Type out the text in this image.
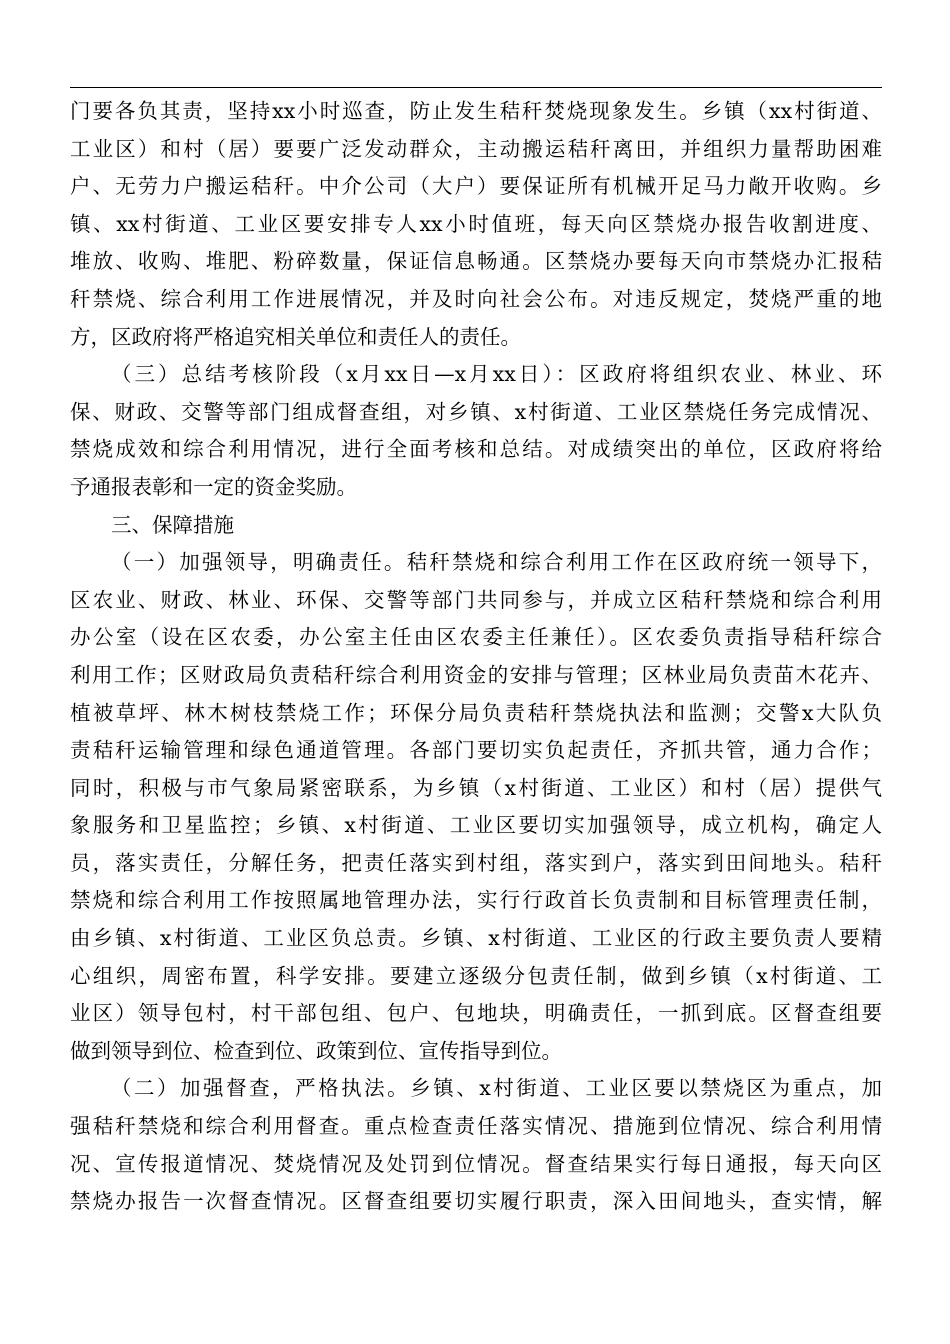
门要各负其责，坚持xx小时巡查，防止发生秸秆焚烧现象发生。乡镇（xx村街道、
工业区）和村（居）要要广泛发动群众，主动搬运秸秆离田，并组织力量帮助困难
户、无劳力户搬运秸秆。中介公司（大户）要保证所有机械开足马力敞开收购。乡
镇、xx村街道、工业区要安排专人xx小时值班，每天向区禁烧办报告收割进度、
堆放、收购、堆肥、粉碎数量，保证信息畅通。区禁烧办要每天向市禁烧办汇报秸
秆禁烧、综合利用工作进展情况，并及时向社会公布。对违反规定，焚烧严重的地
方，区政府将严格追究相关单位和责任人的责任。
（三）总结考核阶段（x月xx日—x月xx日）：区政府将组织农业、林业、环
保、财政、交警等部门组成督查组，对乡镇、x村街道、工业区禁烧任务完成情况、
禁烧成效和综合利用情况，进行全面考核和总结。对成绩突出的单位，区政府将给
予通报表彰和一定的资金奖励。
三、保障措施
（一）加强领导，明确责任。秸秆禁烧和综合利用工作在区政府统一领导下，
区农业、财政、林业、环保、交警等部门共同参与，并成立区秸秆禁烧和综合利用
办公室（设在区农委，办公室主任由区农委主任兼任）。区农委负责指导秸秆综合
利用工作；区财政局负责秸秆综合利用资金的安排与管理；区林业局负责苗木花卉、
植被草坪、林木树枝禁烧工作；环保分局负责秸秆禁烧执法和监测；交警x大队负
责秸秆运输管理和绿色通道管理。各部门要切实负起责任，齐抓共管，通力合作；
同时，积极与市气象局紧密联系，为乡镇（x村街道、工业区）和村（居）提供气
象服务和卫星监控；乡镇、x村街道、工业区要切实加强领导，成立机构，确定人
员，落实责任，分解任务，把责任落实到村组，落实到户，落实到田间地头。秸秆
禁烧和综合利用工作按照属地管理办法，实行行政首长负责制和目标管理责任制，
由乡镇、x村街道、工业区负总责。乡镇、x村街道、工业区的行政主要负责人要精
心组织，周密布置，科学安排。要建立逐级分包责任制，做到乡镇（x村街道、工
业区）领导包村，村干部包组、包户、包地块，明确责任，一抓到底。区督查组要
做到领导到位、检查到位、政策到位、宣传指导到位。
（二）加强督查，严格执法。乡镇、x村街道、工业区要以禁烧区为重点，加
强秸秆禁烧和综合利用督查。重点检查责任落实情况、措施到位情况、综合利用情
况、宣传报道情况、焚烧情况及处罚到位情况。督查结果实行每日通报，每天向区
禁烧办报告一次督查情况。区督查组要切实履行职责，深入田间地头，查实情，解
